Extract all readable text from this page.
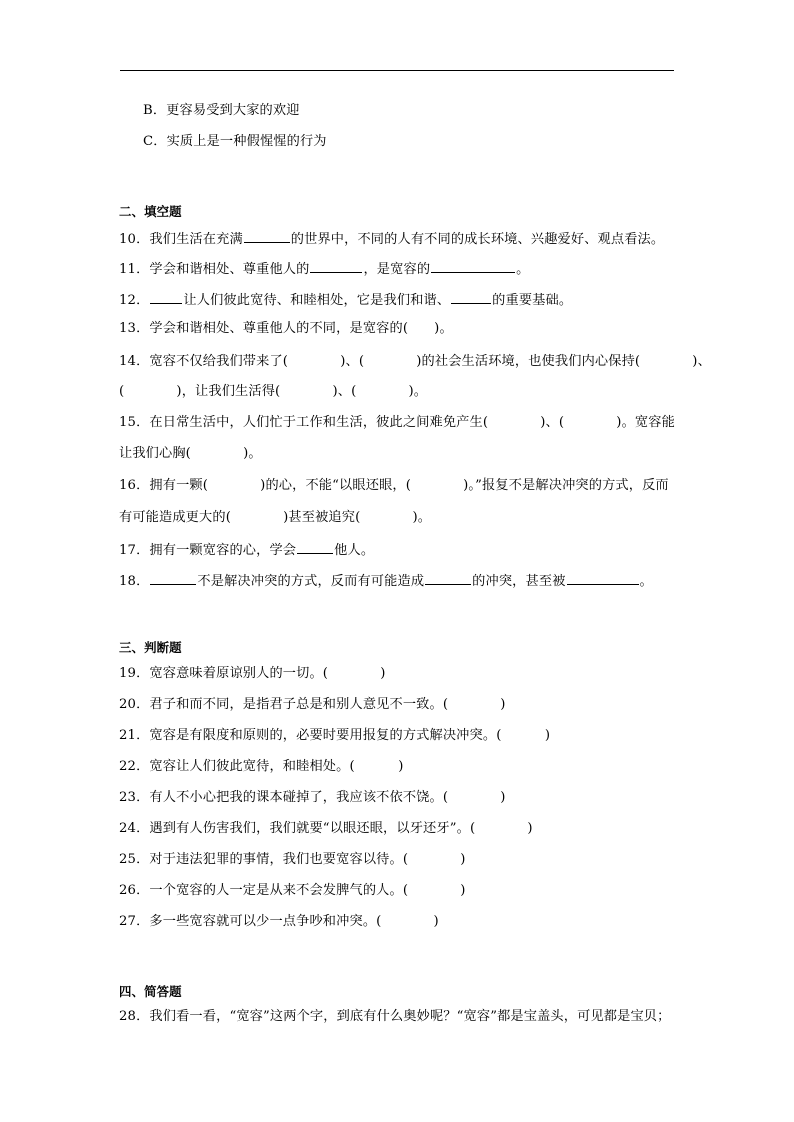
B．更容易受到大家的欢迎
C．实质上是一种假惺惺的行为
二、填空题
10．我们生活在充满	的世界中，不同的人有不同的成长环境、兴趣爱好、观点看法。
11．学会和谐相处、尊重他人的	，是宽容的	。
12．	让人们彼此宽待、和睦相处，它是我们和谐、	的重要基础。
13．学会和谐相处、尊重他人的不同，是宽容的(      )。
14．宽容不仅给我们带来了(            )、(            )的社会生活环境，也使我们内心保持(            )、
(            )，让我们生活得(            )、(            )。
15．在日常生活中，人们忙于工作和生活，彼此之间难免产生(            )、(            )。宽容能
让我们心胸(            )。
16．拥有一颗(            )的心，不能“以眼还眼，(            )。”报复不是解决冲突的方式，反而
有可能造成更大的(            )甚至被追究(            )。
17．拥有一颗宽容的心，学会	他人。
18．	不是解决冲突的方式，反而有可能造成	的冲突，甚至被	。
三、判断题
19．宽容意味着原谅别人的一切。(            )
20．君子和而不同，是指君子总是和别人意见不一致。(            )
21．宽容是有限度和原则的，必要时要用报复的方式解决冲突。(          )
22．宽容让人们彼此宽待，和睦相处。(          )
23．有人不小心把我的课本碰掉了，我应该不依不饶。(            )
24．遇到有人伤害我们，我们就要“以眼还眼，以牙还牙”。(            )
25．对于违法犯罪的事情，我们也要宽容以待。(            )
26．一个宽容的人一定是从来不会发脾气的人。(            )
27．多一些宽容就可以少一点争吵和冲突。(            )
四、简答题
28．我们看一看，“宽容”这两个字，到底有什么奥妙呢？“宽容”都是宝盖头，可见都是宝贝；
